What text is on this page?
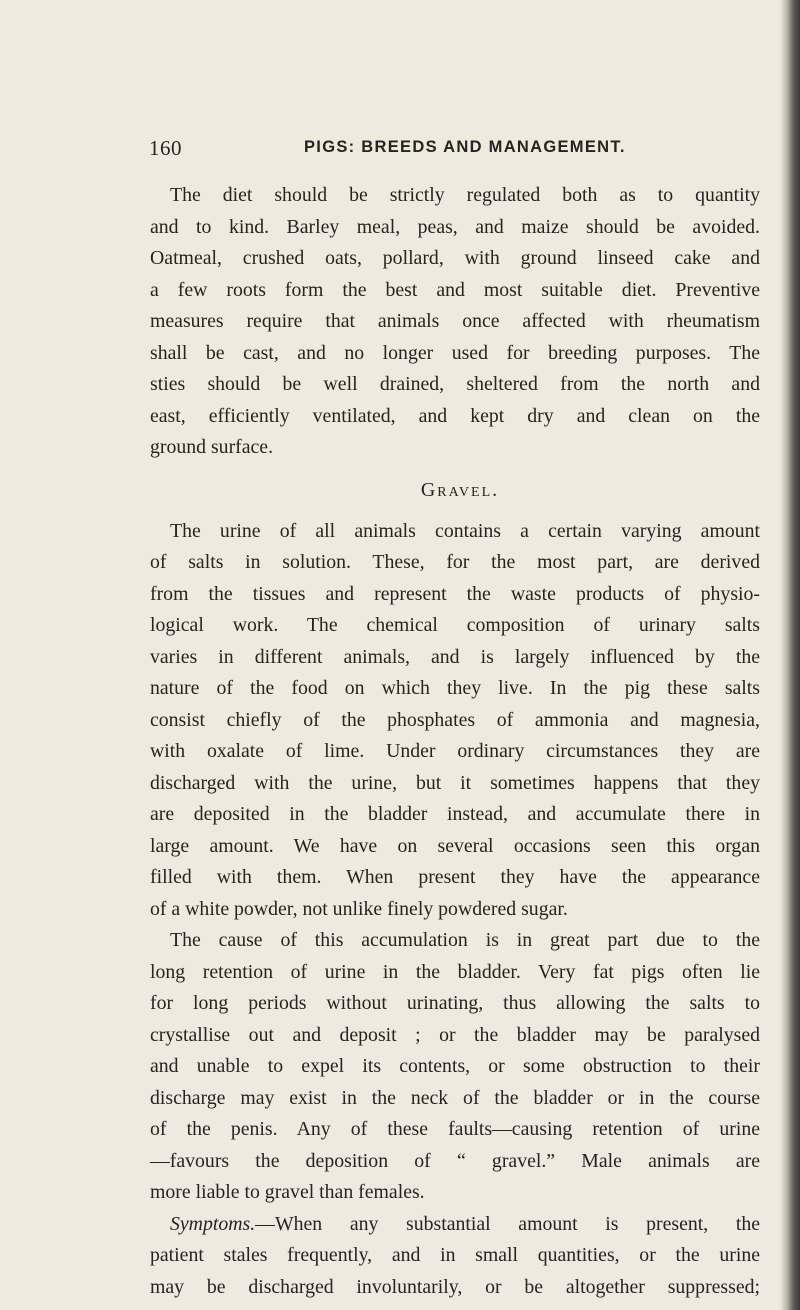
160	PIGS: BREEDS AND MANAGEMENT.
The diet should be strictly regulated both as to quantity
and to kind. Barley meal, peas, and maize should be avoided.
Oatmeal, crushed oats, pollard, with ground linseed cake and
a few roots form the best and most suitable diet. Preventive
measures require that animals once affected with rheumatism
shall be cast, and no longer used for breeding purposes. The
sties should be well drained, sheltered from the north and
east, efficiently ventilated, and kept dry and clean on the
ground surface.
Gravel.
The urine of all animals contains a certain varying amount
of salts in solution. These, for the most part, are derived
from the tissues and represent the waste products of physio-
logical work. The chemical composition of urinary salts
varies in different animals, and is largely influenced by the
nature of the food on which they live. In the pig these salts
consist chiefly of the phosphates of ammonia and magnesia,
with oxalate of lime. Under ordinary circumstances they are
discharged with the urine, but it sometimes happens that they
are deposited in the bladder instead, and accumulate there in
large amount. We have on several occasions seen this organ
filled with them. When present they have the appearance
of a white powder, not unlike finely powdered sugar.
The cause of this accumulation is in great part due to the
long retention of urine in the bladder. Very fat pigs often lie
for long periods without urinating, thus allowing the salts to
crystallise out and deposit ; or the bladder may be paralysed
and unable to expel its contents, or some obstruction to their
discharge may exist in the neck of the bladder or in the course
of the penis. Any of these faults—causing retention of urine
—favours the deposition of “ gravel.” Male animals are
more liable to gravel than females.
Symptoms.—When any substantial amount is present, the
patient stales frequently, and in small quantities, or the urine
may be discharged involuntarily, or be altogether suppressed;
